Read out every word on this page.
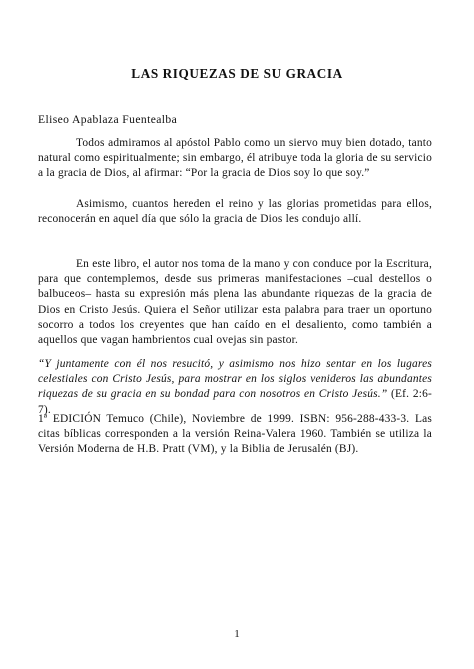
LAS RIQUEZAS DE SU GRACIA
Eliseo Apablaza Fuentealba

Todos admiramos al apóstol Pablo como un siervo muy bien dotado, tanto natural como espiritualmente; sin embargo, él atribuye toda la gloria de su servicio a la gracia de Dios, al afirmar: “Por la gracia de Dios soy lo que soy.”

Asimismo, cuantos hereden el reino y las glorias prometidas para ellos, reconocerán en aquel día que sólo la gracia de Dios les condujo allí.

En este libro, el autor nos toma de la mano y con conduce por la Escritura, para que contemplemos, desde sus primeras manifestaciones –cual destellos o balbuceos– hasta su expresión más plena las abundante riquezas de la gracia de Dios en Cristo Jesús. Quiera el Señor utilizar esta palabra para traer un oportuno socorro a todos los creyentes que han caído en el desaliento, como también a aquellos que vagan hambrientos cual ovejas sin pastor.

“Y juntamente con él nos resucitó, y asimismo nos hizo sentar en los lugares celestiales con Cristo Jesús, para mostrar en los siglos venideros las abundantes riquezas de su gracia en su bondad para con nosotros en Cristo Jesús.” (Ef. 2:6-7).

1ª EDICIÓN Temuco (Chile), Noviembre de 1999. ISBN: 956-288-433-3. Las citas bíblicas corresponden a la versión Reina-Valera 1960. También se utiliza la Versión Moderna de H.B. Pratt (VM), y la Biblia de Jerusalén (BJ).

1
